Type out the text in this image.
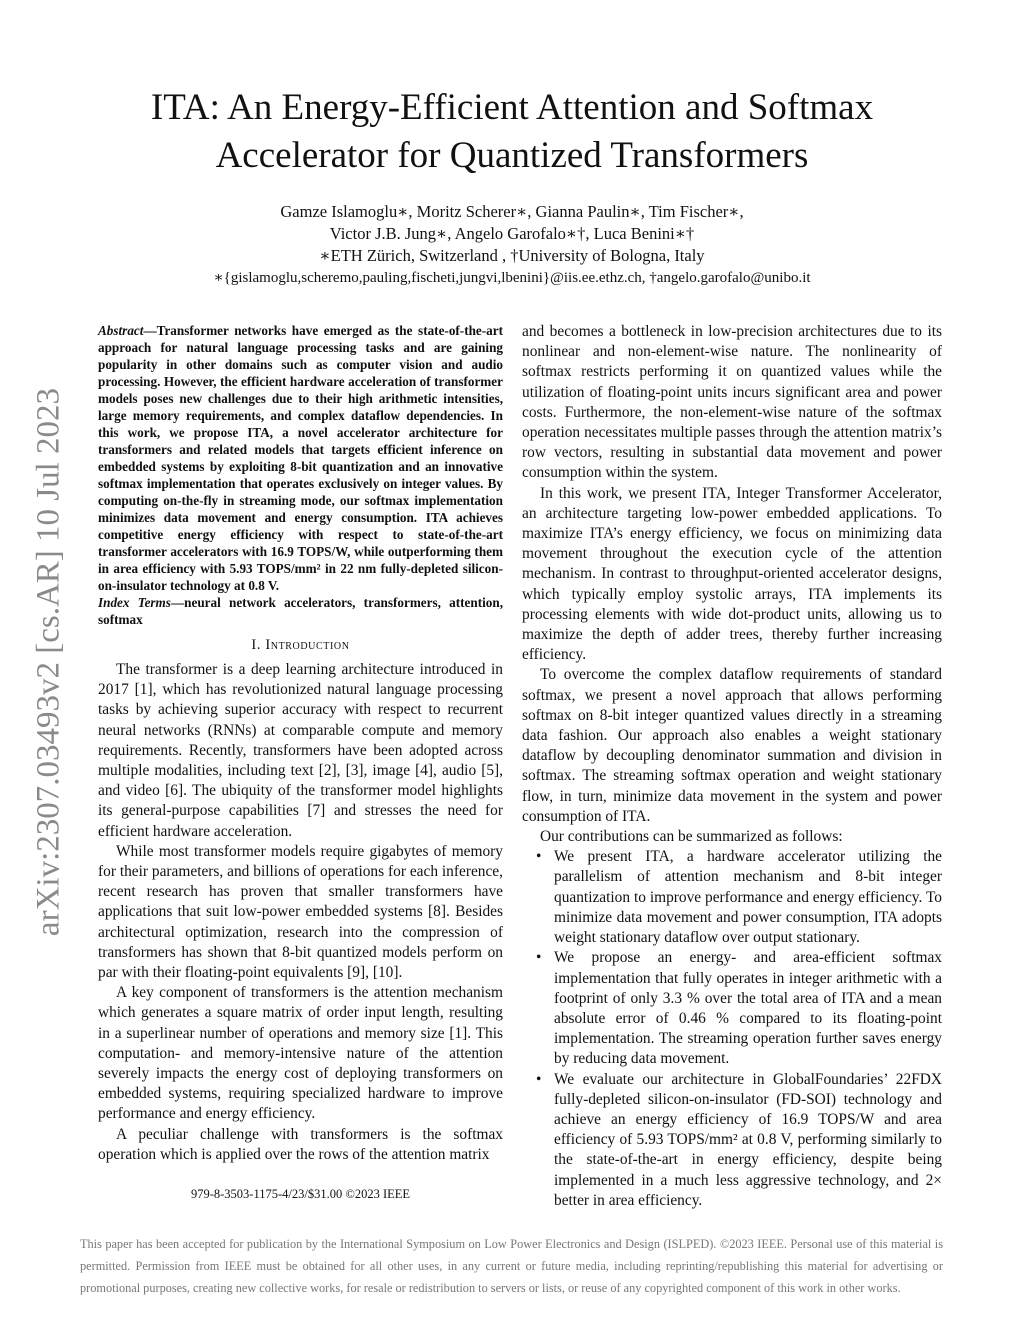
ITA: An Energy-Efficient Attention and Softmax
Accelerator for Quantized Transformers
Gamze Islamoglu∗, Moritz Scherer∗, Gianna Paulin∗, Tim Fischer∗,
Victor J.B. Jung∗, Angelo Garofalo∗†, Luca Benini∗†
∗ETH Zürich, Switzerland , †University of Bologna, Italy
∗{gislamoglu,scheremo,pauling,fischeti,jungvi,lbenini}@iis.ee.ethz.ch, †angelo.garofalo@unibo.it
arXiv:2307.03493v2 [cs.AR] 10 Jul 2023

Abstract—Transformer networks have emerged as the state-of-the-art approach for natural language processing tasks and are gaining popularity in other domains such as computer vision and audio processing. However, the efficient hardware acceleration of transformer models poses new challenges due to their high arithmetic intensities, large memory requirements, and complex dataflow dependencies. In this work, we propose ITA, a novel accelerator architecture for transformers and related models that targets efficient inference on embedded systems by exploiting 8-bit quantization and an innovative softmax implementation that operates exclusively on integer values. By computing on-the-fly in streaming mode, our softmax implementation minimizes data movement and energy consumption. ITA achieves competitive energy efficiency with respect to state-of-the-art transformer accelerators with 16.9 TOPS/W, while outperforming them in area efficiency with 5.93 TOPS/mm² in 22 nm fully-depleted silicon-on-insulator technology at 0.8 V.

Index Terms—neural network accelerators, transformers, attention, softmax

I. Introduction

The transformer is a deep learning architecture introduced in 2017 [1], which has revolutionized natural language processing tasks by achieving superior accuracy with respect to recurrent neural networks (RNNs) at comparable compute and memory requirements. Recently, transformers have been adopted across multiple modalities, including text [2], [3], image [4], audio [5], and video [6]. The ubiquity of the transformer model highlights its general-purpose capabilities [7] and stresses the need for efficient hardware acceleration.

While most transformer models require gigabytes of memory for their parameters, and billions of operations for each inference, recent research has proven that smaller transformers have applications that suit low-power embedded systems [8]. Besides architectural optimization, research into the compression of transformers has shown that 8-bit quantized models perform on par with their floating-point equivalents [9], [10].

A key component of transformers is the attention mechanism which generates a square matrix of order input length, resulting in a superlinear number of operations and memory size [1]. This computation- and memory-intensive nature of the attention severely impacts the energy cost of deploying transformers on embedded systems, requiring specialized hardware to improve performance and energy efficiency.

A peculiar challenge with transformers is the softmax operation which is applied over the rows of the attention matrix

979-8-3503-1175-4/23/$31.00 ©2023 IEEE

and becomes a bottleneck in low-precision architectures due to its nonlinear and non-element-wise nature. The nonlinearity of softmax restricts performing it on quantized values while the utilization of floating-point units incurs significant area and power costs. Furthermore, the non-element-wise nature of the softmax operation necessitates multiple passes through the attention matrix’s row vectors, resulting in substantial data movement and power consumption within the system.

In this work, we present ITA, Integer Transformer Accelerator, an architecture targeting low-power embedded applications. To maximize ITA’s energy efficiency, we focus on minimizing data movement throughout the execution cycle of the attention mechanism. In contrast to throughput-oriented accelerator designs, which typically employ systolic arrays, ITA implements its processing elements with wide dot-product units, allowing us to maximize the depth of adder trees, thereby further increasing efficiency.

To overcome the complex dataflow requirements of standard softmax, we present a novel approach that allows performing softmax on 8-bit integer quantized values directly in a streaming data fashion. Our approach also enables a weight stationary dataflow by decoupling denominator summation and division in softmax. The streaming softmax operation and weight stationary flow, in turn, minimize data movement in the system and power consumption of ITA.

Our contributions can be summarized as follows:

• We present ITA, a hardware accelerator utilizing the parallelism of attention mechanism and 8-bit integer quantization to improve performance and energy efficiency. To minimize data movement and power consumption, ITA adopts weight stationary dataflow over output stationary.
• We propose an energy- and area-efficient softmax implementation that fully operates in integer arithmetic with a footprint of only 3.3 % over the total area of ITA and a mean absolute error of 0.46 % compared to its floating-point implementation. The streaming operation further saves energy by reducing data movement.
• We evaluate our architecture in GlobalFoundaries’ 22FDX fully-depleted silicon-on-insulator (FD-SOI) technology and achieve an energy efficiency of 16.9 TOPS/W and area efficiency of 5.93 TOPS/mm² at 0.8 V, performing similarly to the state-of-the-art in energy efficiency, despite being implemented in a much less aggressive technology, and 2× better in area efficiency.
This paper has been accepted for publication by the International Symposium on Low Power Electronics and Design (ISLPED). ©2023 IEEE. Personal use of this material is permitted. Permission from IEEE must be obtained for all other uses, in any current or future media, including reprinting/republishing this material for advertising or promotional purposes, creating new collective works, for resale or redistribution to servers or lists, or reuse of any copyrighted component of this work in other works.
